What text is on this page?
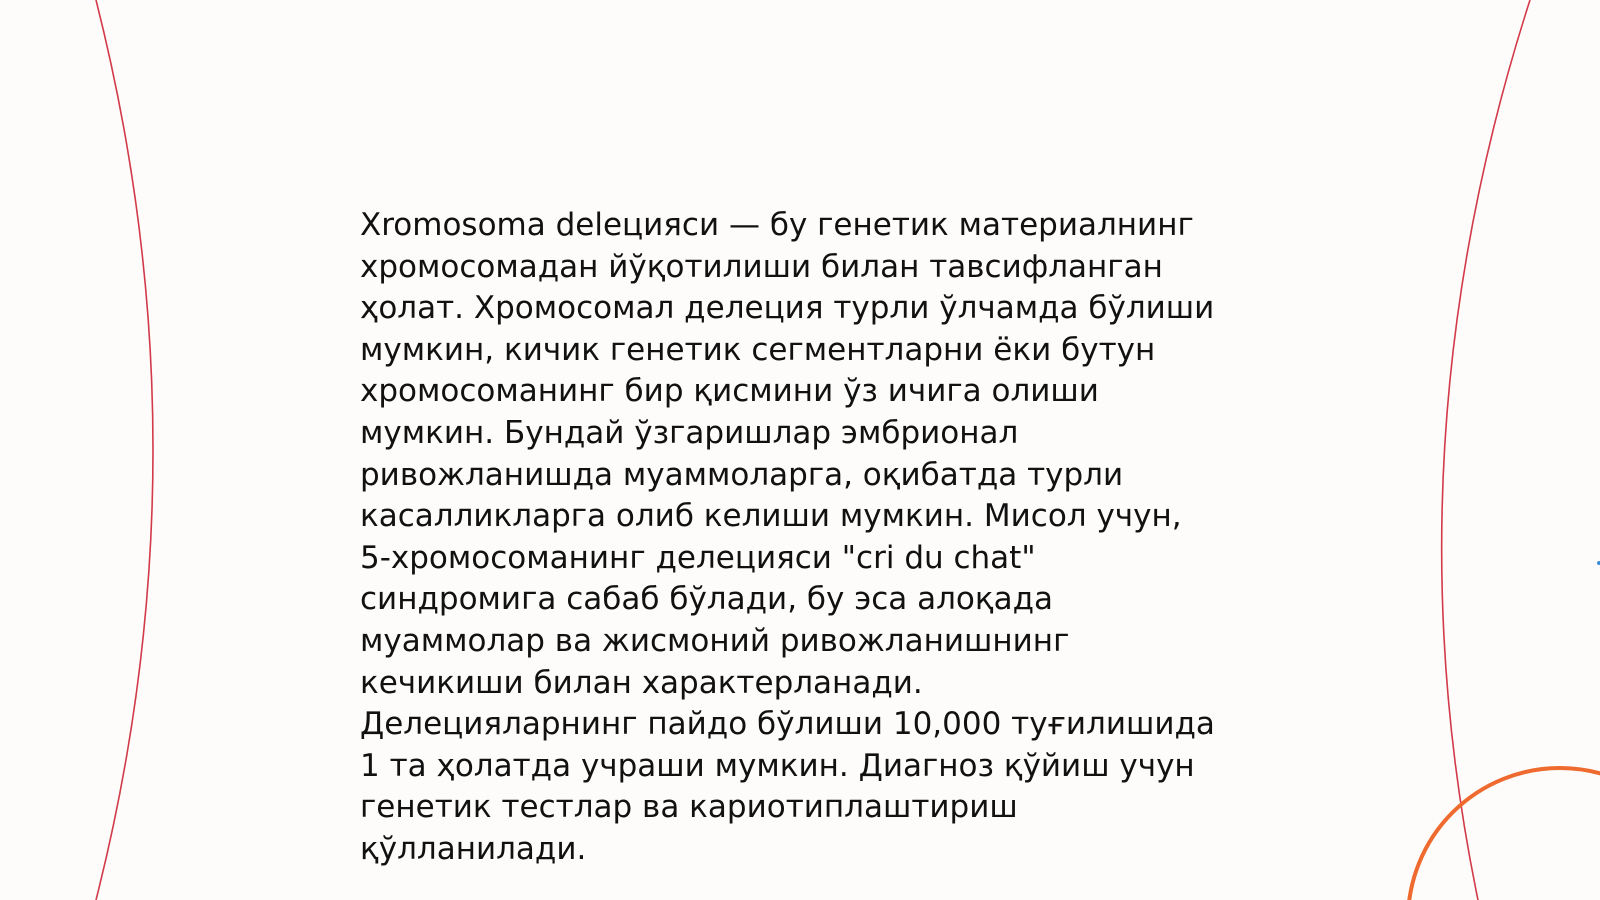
Xromosoma deleцияси — бу генетик материалнинг
хромосомадан йўқотилиши билан тавсифланган
ҳолат. Хромосомал делеция турли ўлчамда бўлиши
мумкин, кичик генетик сегментларни ёки бутун
хромосоманинг бир қисмини ўз ичига олиши
мумкин. Бундай ўзгаришлар эмбрионал
ривожланишда муаммоларга, оқибатда турли
касалликларга олиб келиши мумкин. Мисол учун,
5-хромосоманинг делецияси "cri du chat"
синдромига сабаб бўлади, бу эса алоқада
муаммолар ва жисмоний ривожланишнинг
кечикиши билан характерланади.
Делецияларнинг пайдо бўлиши 10,000 туғилишида
1 та ҳолатда учраши мумкин. Диагноз қўйиш учун
генетик тестлар ва кариотиплаштириш
қўлланилади.
